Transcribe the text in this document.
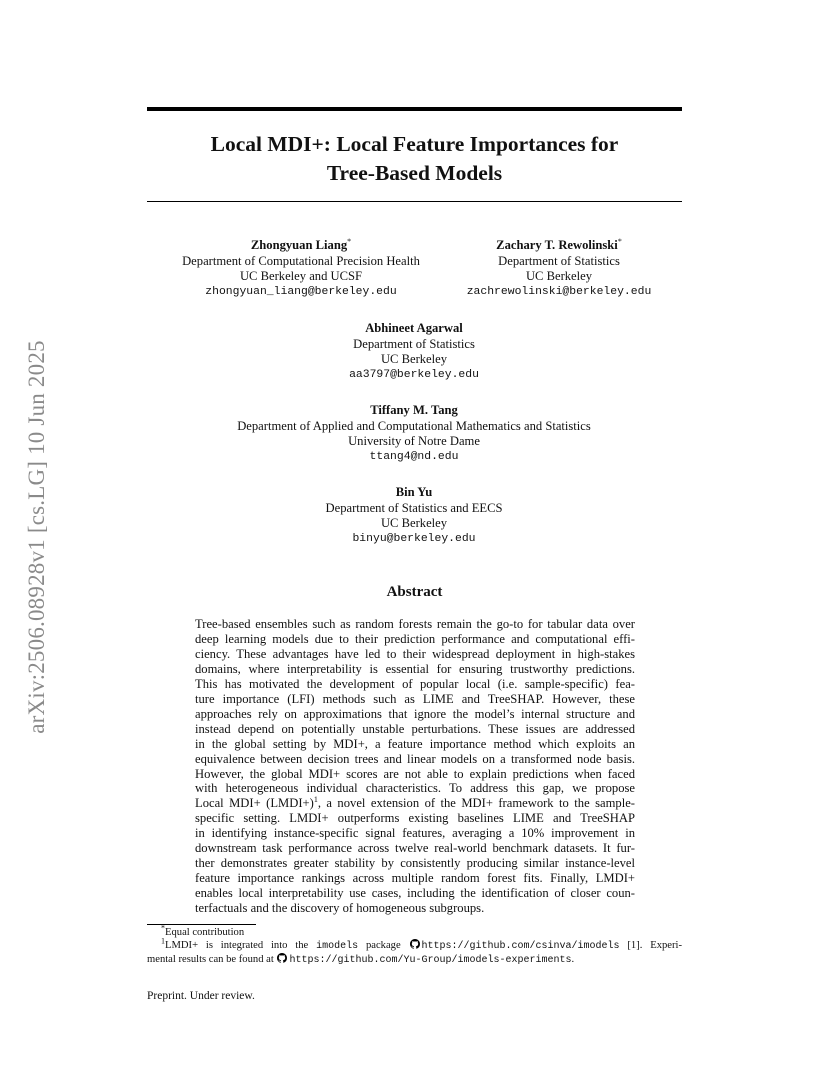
arXiv:2506.08928v1 [cs.LG] 10 Jun 2025
Local MDI+: Local Feature Importances for
Tree-Based Models
Zhongyuan Liang*
Department of Computational Precision Health
UC Berkeley and UCSF
zhongyuan_liang@berkeley.edu
Zachary T. Rewolinski*
Department of Statistics
UC Berkeley
zachrewolinski@berkeley.edu
Abhineet Agarwal
Department of Statistics
UC Berkeley
aa3797@berkeley.edu
Tiffany M. Tang
Department of Applied and Computational Mathematics and Statistics
University of Notre Dame
ttang4@nd.edu
Bin Yu
Department of Statistics and EECS
UC Berkeley
binyu@berkeley.edu
Abstract
Tree-based ensembles such as random forests remain the go-to for tabular data over
deep learning models due to their prediction performance and computational effi-
ciency. These advantages have led to their widespread deployment in high-stakes
domains, where interpretability is essential for ensuring trustworthy predictions.
This has motivated the development of popular local (i.e. sample-specific) fea-
ture importance (LFI) methods such as LIME and TreeSHAP. However, these
approaches rely on approximations that ignore the model’s internal structure and
instead depend on potentially unstable perturbations. These issues are addressed
in the global setting by MDI+, a feature importance method which exploits an
equivalence between decision trees and linear models on a transformed node basis.
However, the global MDI+ scores are not able to explain predictions when faced
with heterogeneous individual characteristics. To address this gap, we propose
Local MDI+ (LMDI+)$^1$, a novel extension of the MDI+ framework to the sample-
specific setting. LMDI+ outperforms existing baselines LIME and TreeSHAP
in identifying instance-specific signal features, averaging a 10% improvement in
downstream task performance across twelve real-world benchmark datasets. It fur-
ther demonstrates greater stability by consistently producing similar instance-level
feature importance rankings across multiple random forest fits. Finally, LMDI+
enables local interpretability use cases, including the identification of closer coun-
terfactuals and the discovery of homogeneous subgroups.
*Equal contribution
$^1$LMDI+ is integrated into the imodels package https://github.com/csinva/imodels [1]. Experi-
mental results can be found at https://github.com/Yu-Group/imodels-experiments.
Preprint. Under review.
